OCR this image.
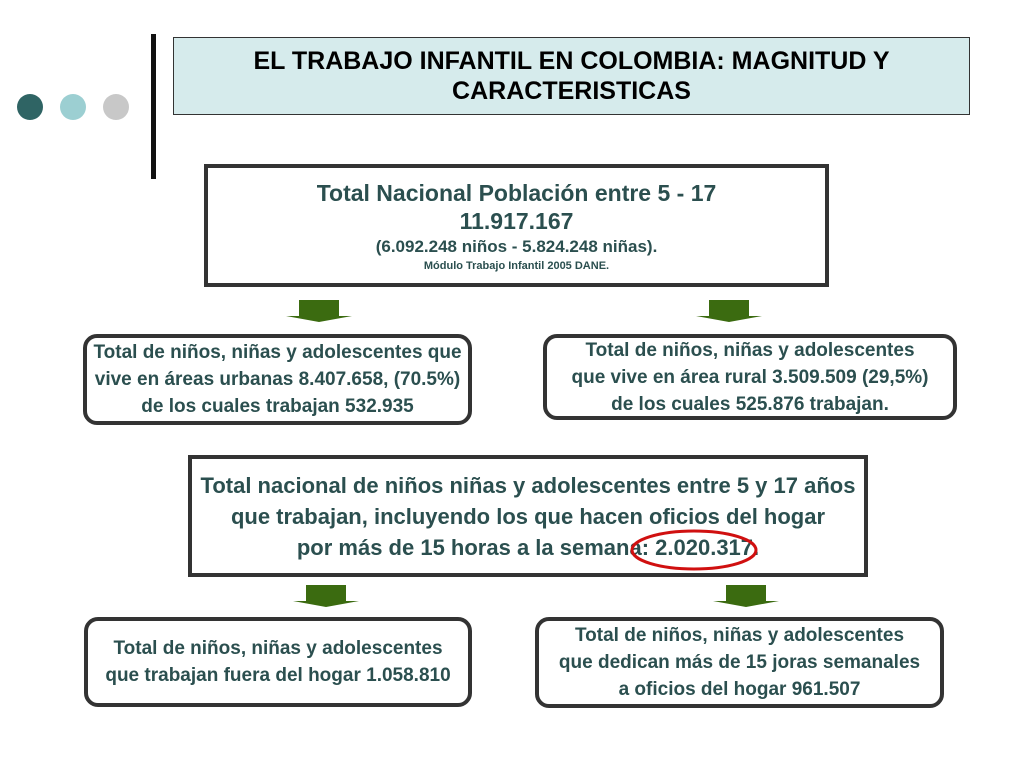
EL TRABAJO INFANTIL EN COLOMBIA: MAGNITUD Y
CARACTERISTICAS
Total Nacional Población entre 5 - 17
11.917.167
(6.092.248 niños - 5.824.248 niñas).
Módulo Trabajo Infantil 2005 DANE.
Total de niños, niñas y adolescentes que
vive en áreas urbanas 8.407.658, (70.5%)
de los cuales trabajan 532.935
Total de niños, niñas y adolescentes
que vive en área rural 3.509.509 (29,5%)
de los cuales 525.876 trabajan.
Total nacional de niños niñas y adolescentes entre 5 y 17 años
que trabajan, incluyendo los que hacen oficios del hogar
por más de 15 horas a la semana: 2.020.317.
Total de niños, niñas y adolescentes
que trabajan fuera del hogar 1.058.810
Total de niños, niñas y adolescentes
que dedican más de 15 joras semanales
a oficios del hogar 961.507
